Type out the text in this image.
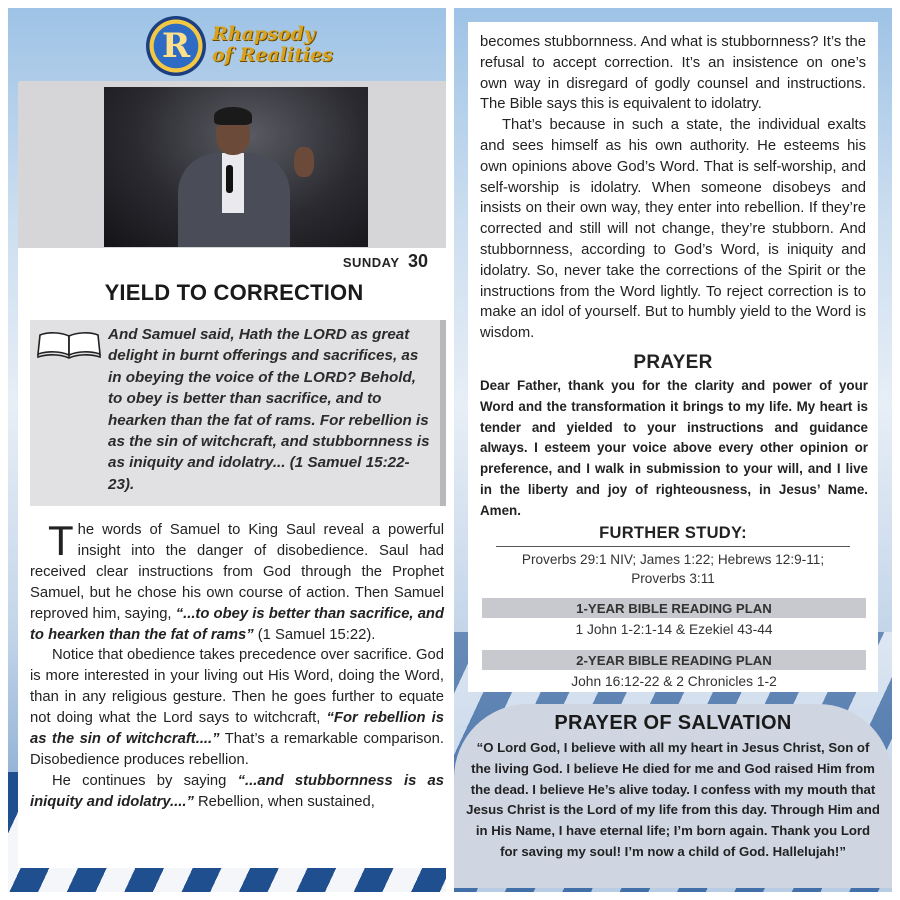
R	Rhapsody
of Realities
SUNDAY 30
YIELD TO CORRECTION
And Samuel said, Hath the LORD as great delight in burnt offerings and sacrifices, as in obeying the voice of the LORD? Behold, to obey is better than sacrifice, and to hearken than the fat of rams. For rebellion is as the sin of witchcraft, and stubbornness is as iniquity and idolatry... (1 Samuel 15:22-23).

The words of Samuel to King Saul reveal a powerful insight into the danger of disobedience. Saul had received clear instructions from God through the Prophet Samuel, but he chose his own course of action. Then Samuel reproved him, saying, “...to obey is better than sacrifice, and to hearken than the fat of rams” (1 Samuel 15:22).

Notice that obedience takes precedence over sacrifice. God is more interested in your living out His Word, doing the Word, than in any religious gesture. Then he goes further to equate not doing what the Lord says to witchcraft, “For rebellion is as the sin of witchcraft....” That’s a remarkable comparison. Disobedience produces rebellion.

He continues by saying “...and stubbornness is as iniquity and idolatry....” Rebellion, when sustained,

becomes stubbornness. And what is stubbornness? It’s the refusal to accept correction. It’s an insistence on one’s own way in disregard of godly counsel and instructions. The Bible says this is equivalent to idolatry.

That’s because in such a state, the individual exalts and sees himself as his own authority. He esteems his own opinions above God’s Word. That is self-worship, and self-worship is idolatry. When someone disobeys and insists on their own way, they enter into rebellion. If they’re corrected and still will not change, they’re stubborn. And stubbornness, according to God’s Word, is iniquity and idolatry. So, never take the corrections of the Spirit or the instructions from the Word lightly. To reject correction is to make an idol of yourself. But to humbly yield to the Word is wisdom.

PRAYER
Dear Father, thank you for the clarity and power of your Word and the transformation it brings to my life. My heart is tender and yielded to your instructions and guidance always. I esteem your voice above every other opinion or preference, and I walk in submission to your will, and I live in the liberty and joy of righteousness, in Jesus’ Name. Amen.
FURTHER STUDY:
Proverbs 29:1 NIV; James 1:22; Hebrews 12:9-11; Proverbs 3:11
1-YEAR BIBLE READING PLAN
1 John 1-2:1-14 & Ezekiel 43-44
2-YEAR BIBLE READING PLAN
John 16:12-22 & 2 Chronicles 1-2
PRAYER OF SALVATION
“O Lord God, I believe with all my heart in Jesus Christ, Son of the living God. I believe He died for me and God raised Him from the dead. I believe He’s alive today. I confess with my mouth that Jesus Christ is the Lord of my life from this day. Through Him and in His Name, I have eternal life; I’m born again. Thank you Lord for saving my soul! I’m now a child of God. Hallelujah!”
